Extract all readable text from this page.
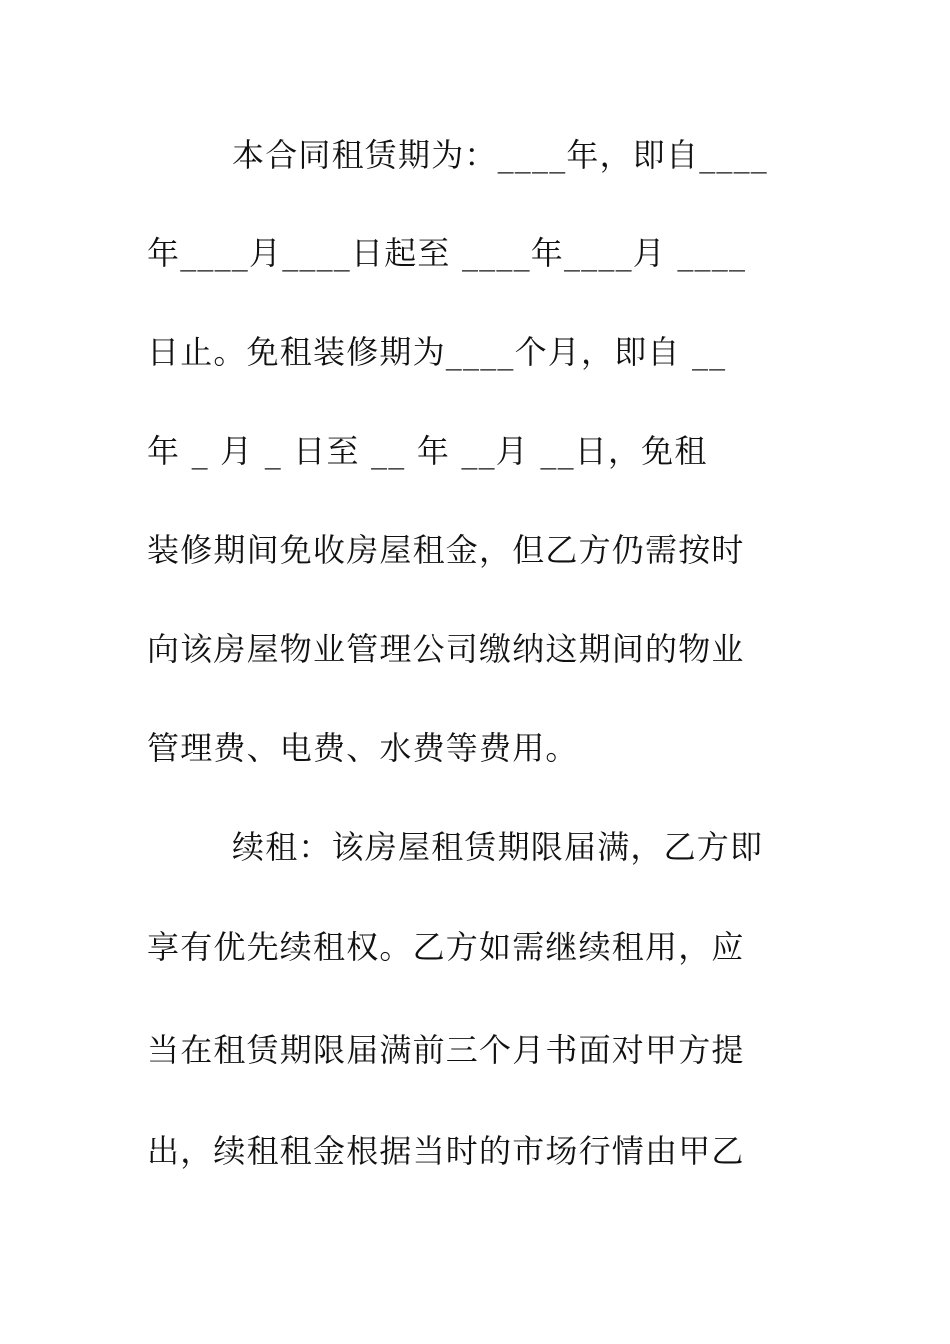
本合同租赁期为：____年，即自____
年____月____日起至 ____年____月 ____
日止。免租装修期为____个月，即自 __
年 _ 月 _ 日至 __ 年 __月 __日，免租
装修期间免收房屋租金，但乙方仍需按时
向该房屋物业管理公司缴纳这期间的物业
管理费、电费、水费等费用。
续租：该房屋租赁期限届满，乙方即
享有优先续租权。乙方如需继续租用，应
当在租赁期限届满前三个月书面对甲方提
出，续租租金根据当时的市场行情由甲乙
